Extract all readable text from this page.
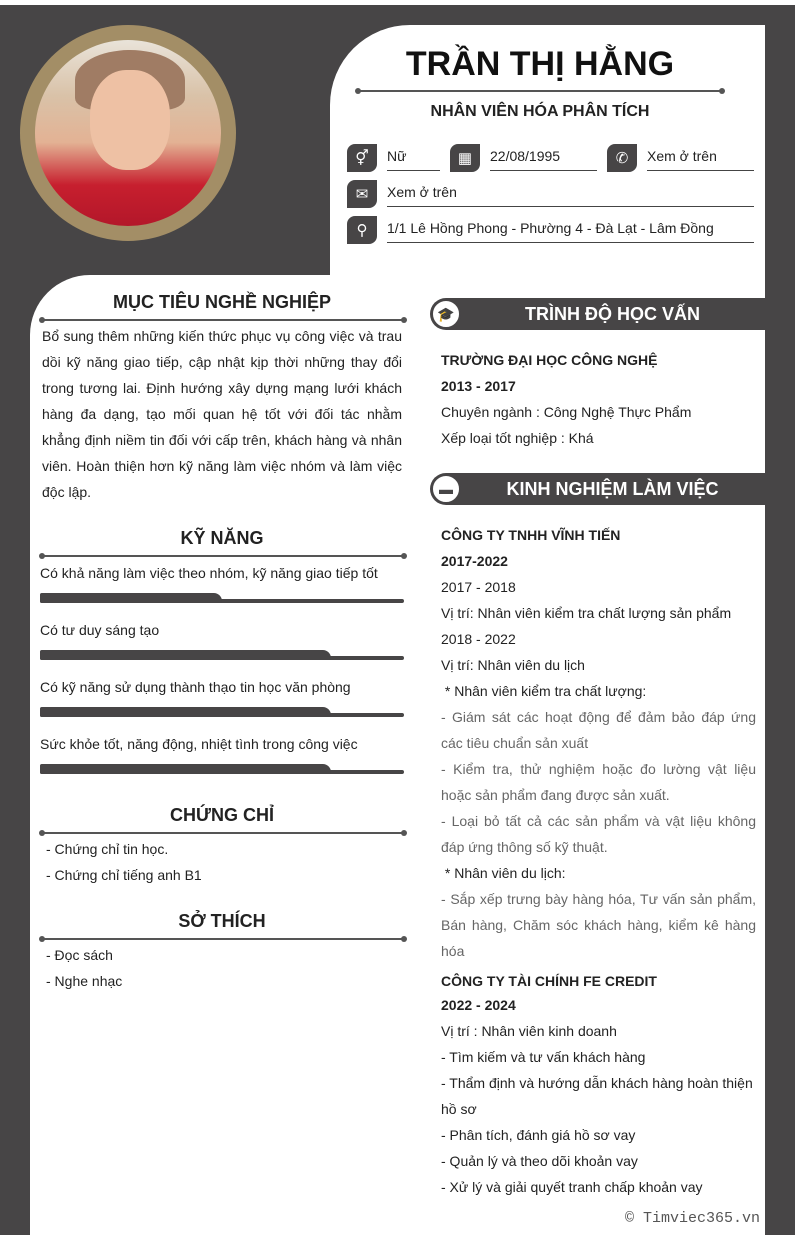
TRẦN THỊ HẰNG
NHÂN VIÊN HÓA PHÂN TÍCH
⚥	Nữ	▦	22/08/1995	✆	Xem ở trên
✉	Xem ở trên
⚲	1/1 Lê Hồng Phong - Phường 4 - Đà Lạt - Lâm Đồng
MỤC TIÊU NGHỀ NGHIỆP
Bổ sung thêm những kiến thức phục vụ công việc và trau dồi kỹ năng giao tiếp, cập nhật kịp thời những thay đổi trong tương lai. Định hướng xây dựng mạng lưới khách hàng đa dạng, tạo mối quan hệ tốt với đối tác nhằm khẳng định niềm tin đối với cấp trên, khách hàng và nhân viên. Hoàn thiện hơn kỹ năng làm việc nhóm và làm việc độc lập.
KỸ NĂNG
Có khả năng làm việc theo nhóm, kỹ năng giao tiếp tốt
Có tư duy sáng tạo
Có kỹ năng sử dụng thành thạo tin học văn phòng
Sức khỏe tốt, năng động, nhiệt tình trong công việc
CHỨNG CHỈ
- Chứng chỉ tin học.
- Chứng chỉ tiếng anh B1
SỞ THÍCH
- Đọc sách
- Nghe nhạc
🎓	TRÌNH ĐỘ HỌC VẤN
TRƯỜNG ĐẠI HỌC CÔNG NGHỆ
2013 - 2017
Chuyên ngành : Công Nghệ Thực Phẩm
Xếp loại tốt nghiệp : Khá
▬	KINH NGHIỆM LÀM VIỆC
CÔNG TY TNHH VĨNH TIẾN
2017-2022
2017 - 2018
Vị trí: Nhân viên kiểm tra chất lượng sản phẩm
2018 - 2022
Vị trí: Nhân viên du lịch
* Nhân viên kiểm tra chất lượng:
- Giám sát các hoạt động để đảm bảo đáp ứng các tiêu chuẩn sản xuất
- Kiểm tra, thử nghiệm hoặc đo lường vật liệu hoặc sản phẩm đang được sản xuất.
- Loại bỏ tất cả các sản phẩm và vật liệu không đáp ứng thông số kỹ thuật.
* Nhân viên du lịch:
- Sắp xếp trưng bày hàng hóa, Tư vấn sản phẩm, Bán hàng, Chăm sóc khách hàng, kiểm kê hàng hóa
CÔNG TY TÀI CHÍNH FE CREDIT
2022 - 2024
Vị trí : Nhân viên kinh doanh
- Tìm kiếm và tư vấn khách hàng
- Thẩm định và hướng dẫn khách hàng hoàn thiện hồ sơ
- Phân tích, đánh giá hồ sơ vay
- Quản lý và theo dõi khoản vay
- Xử lý và giải quyết tranh chấp khoản vay
© Timviec365.vn
